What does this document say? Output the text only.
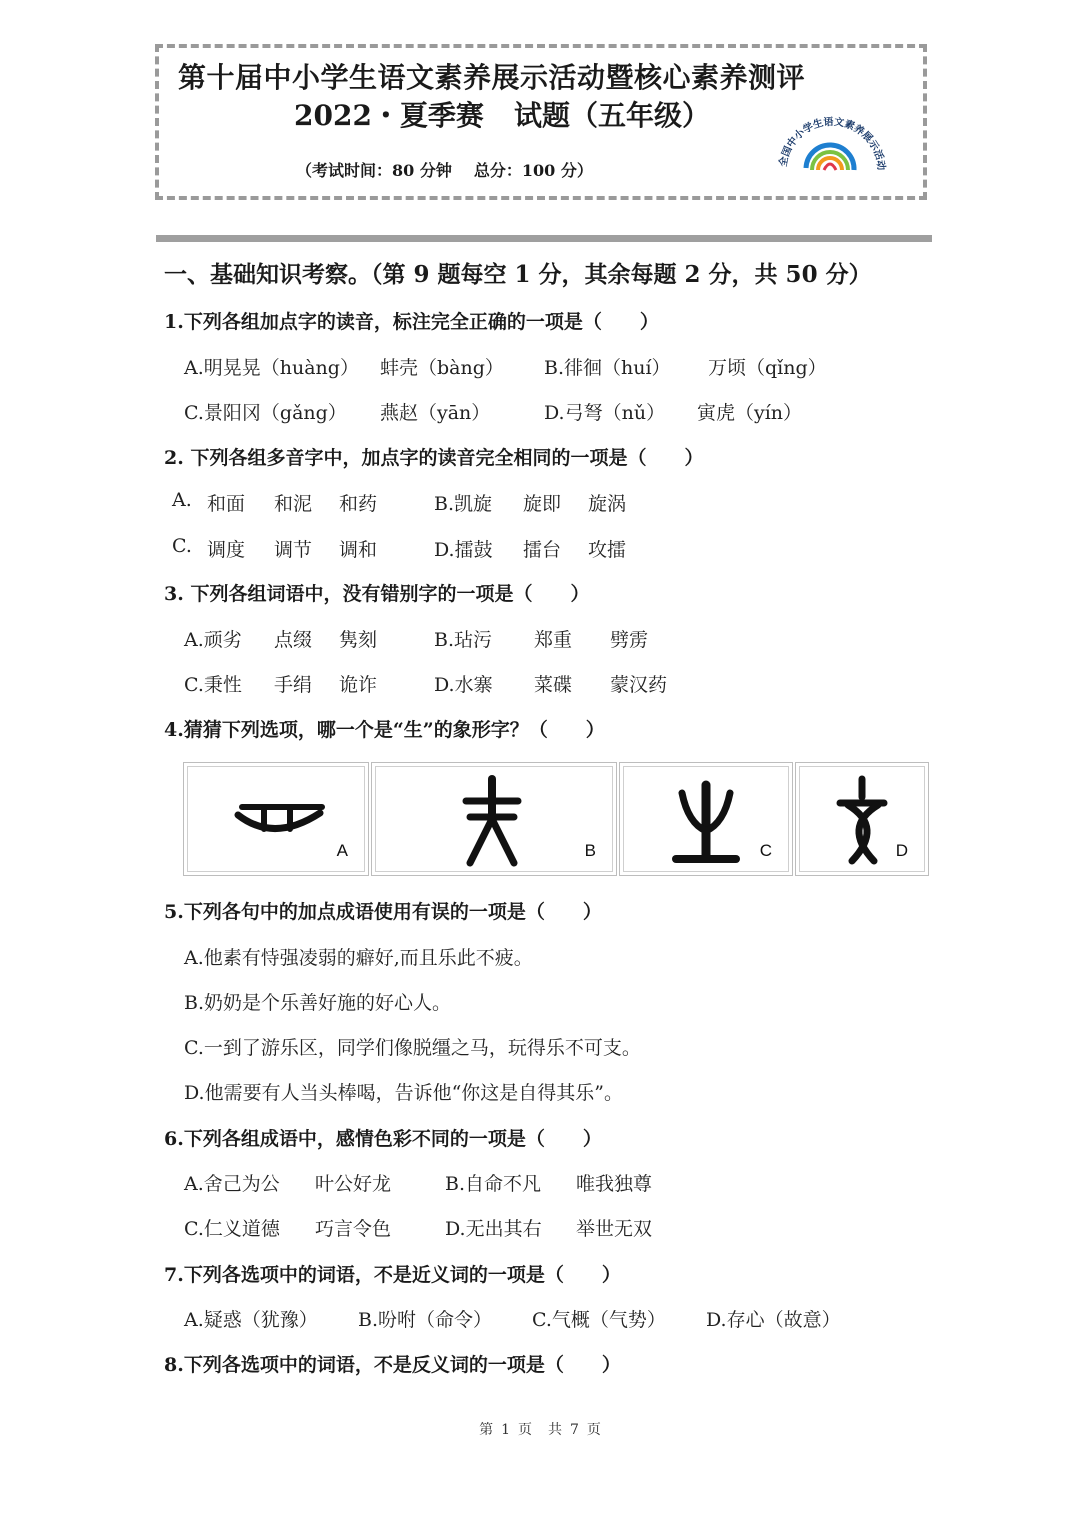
第十届中小学生语文素养展示活动暨核心素养测评
2022・夏季赛 试题（五年级）
（考试时间：80 分钟 总分：100 分）	全国中小学生语文素养展示活动
一、基础知识考察。（第 9 题每空 1 分，其余每题 2 分，共 50 分）
1.下列各组加点字的读音，标注完全正确的一项是（　　）
A.明晃晃（huàng） 蚌壳（bàng） B.徘徊（huí） 万顷（qǐng）
C.景阳冈（gǎng） 燕赵（yān）	D.弓弩（nǔ） 寅虎（yín）
2. 下列各组多音字中，加点字的读音完全相同的一项是（　　）
A. 和面 和泥 和药	B.凯旋 旋即 旋涡
C. 调度 调节 调和	D.擂鼓 擂台 攻擂
3. 下列各组词语中，没有错别字的一项是（　　）
A.顽劣 点缀 隽刻	B.玷污 郑重 劈雳
C.秉性 手绢 诡诈	D.水寨 菜碟 蒙汉药
4.猜猜下列选项，哪一个是“生”的象形字？（　　）
A	B	C	D
5.下列各句中的加点成语使用有误的一项是（　　）
A.他素有恃强凌弱的癖好,而且乐此不疲。
B.奶奶是个乐善好施的好心人。
C.一到了游乐区，同学们像脱缰之马，玩得乐不可支。
D.他需要有人当头棒喝，告诉他“你这是自得其乐”。
6.下列各组成语中，感情色彩不同的一项是（　　）
A.舍己为公 叶公好龙	B.自命不凡 唯我独尊
C.仁义道德 巧言令色	D.无出其右 举世无双
7.下列各选项中的词语，不是近义词的一项是（　　）
A.疑惑（犹豫） B.吩咐（命令） C.气概（气势） D.存心（故意）
8.下列各选项中的词语，不是反义词的一项是（　　）
第 1 页 共 7 页
